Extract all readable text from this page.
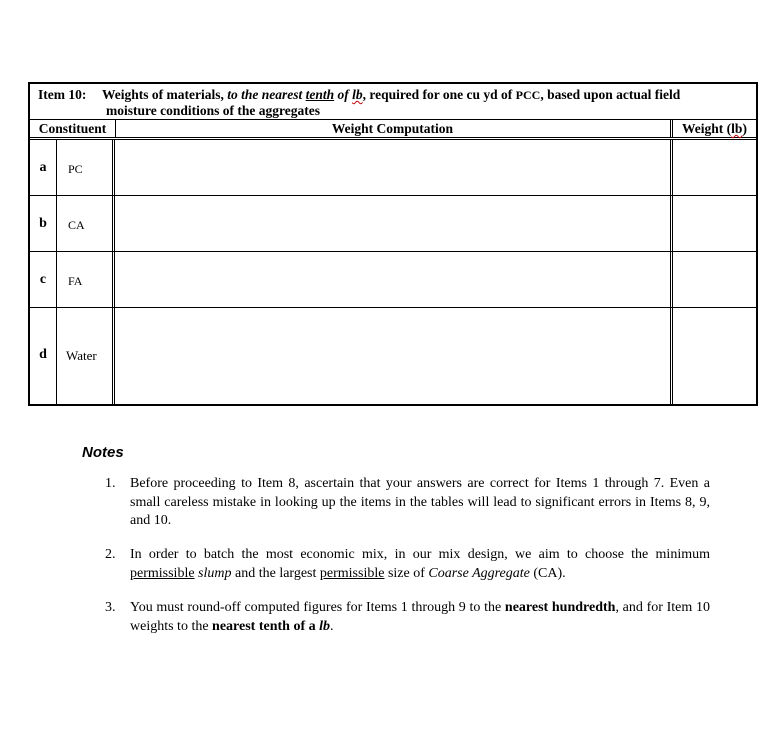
Item 10: Weights of materials, to the nearest tenth of lb, required for one cu yd of PCC, based upon actual field
moisture conditions of the aggregates
Constituent	Weight Computation	Weight (lb)
a	PC
b	CA
c	FA
d	Water
Notes
1. Before proceeding to Item 8, ascertain that your answers are correct for Items 1 through 7. Even a small careless mistake in looking up the items in the tables will lead to significant errors in Items 8, 9, and 10.
2. In order to batch the most economic mix, in our mix design, we aim to choose the minimum permissible slump and the largest permissible size of Coarse Aggregate (CA).
3. You must round-off computed figures for Items 1 through 9 to the nearest hundredth, and for Item 10 weights to the nearest tenth of a lb.
